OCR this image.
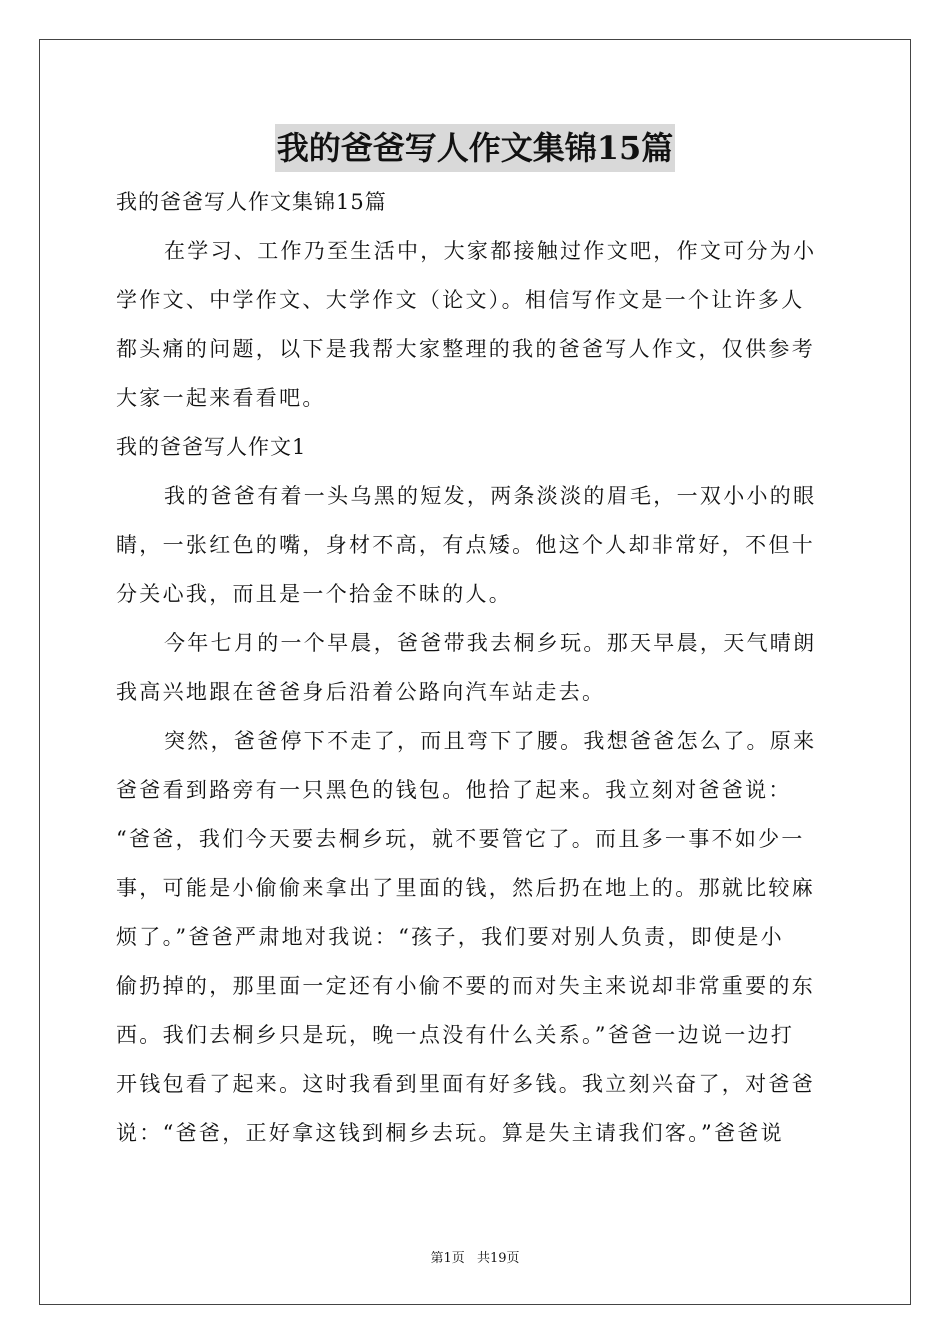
我的爸爸写人作文集锦15篇
我的爸爸写人作文集锦15篇
在学习、工作乃至生活中，大家都接触过作文吧，作文可分为小
学作文、中学作文、大学作文（论文）。相信写作文是一个让许多人
都头痛的问题，以下是我帮大家整理的我的爸爸写人作文，仅供参考
大家一起来看看吧。
我的爸爸写人作文1
我的爸爸有着一头乌黑的短发，两条淡淡的眉毛，一双小小的眼
睛，一张红色的嘴，身材不高，有点矮。他这个人却非常好，不但十
分关心我，而且是一个拾金不昧的人。
今年七月的一个早晨，爸爸带我去桐乡玩。那天早晨，天气晴朗
我高兴地跟在爸爸身后沿着公路向汽车站走去。
突然，爸爸停下不走了，而且弯下了腰。我想爸爸怎么了。原来
爸爸看到路旁有一只黑色的钱包。他拾了起来。我立刻对爸爸说：
“爸爸，我们今天要去桐乡玩，就不要管它了。而且多一事不如少一
事，可能是小偷偷来拿出了里面的钱，然后扔在地上的。那就比较麻
烦了。”爸爸严肃地对我说：“孩子，我们要对别人负责，即使是小
偷扔掉的，那里面一定还有小偷不要的而对失主来说却非常重要的东
西。我们去桐乡只是玩，晚一点没有什么关系。”爸爸一边说一边打
开钱包看了起来。这时我看到里面有好多钱。我立刻兴奋了，对爸爸
说：“爸爸，正好拿这钱到桐乡去玩。算是失主请我们客。”爸爸说
第1页 共19页
